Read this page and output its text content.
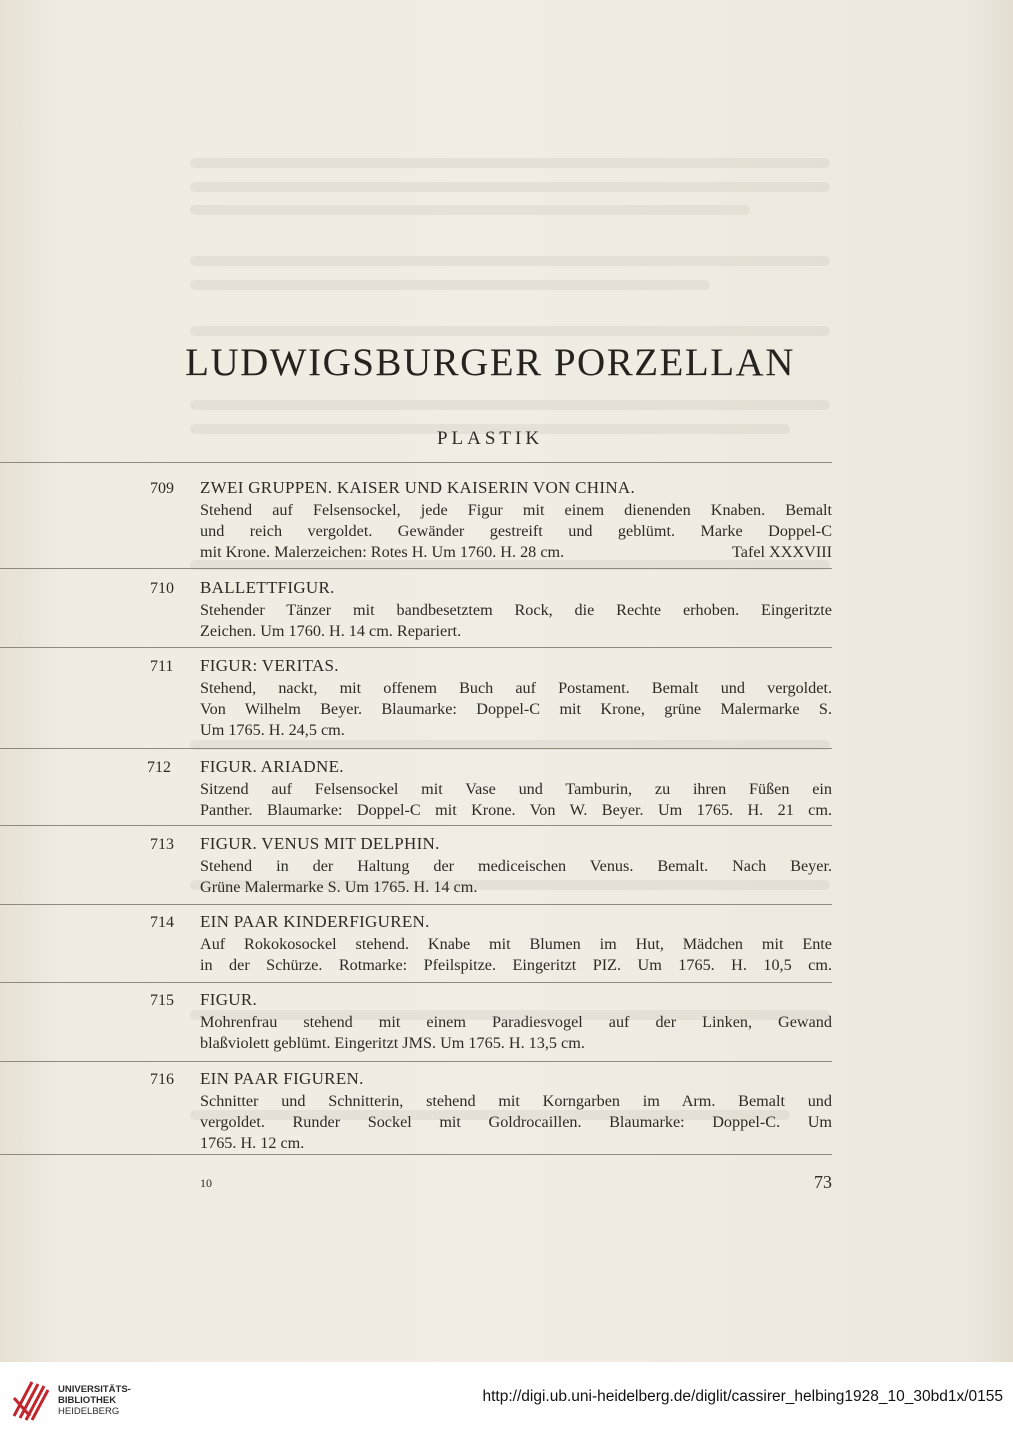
LUDWIGSBURGER PORZELLAN
PLASTIK
709	ZWEI GRUPPEN. KAISER UND KAISERIN VON CHINA.
Stehend auf Felsensockel, jede Figur mit einem dienenden Knaben. Bemalt
und reich vergoldet. Gewänder gestreift und geblümt. Marke Doppel-C
mit Krone. Malerzeichen: Rotes H. Um 1760. H. 28 cm.	Tafel XXXVIII
710	BALLETTFIGUR.
Stehender Tänzer mit bandbesetztem Rock, die Rechte erhoben. Eingeritzte
Zeichen. Um 1760. H. 14 cm. Repariert.
711	FIGUR: VERITAS.
Stehend, nackt, mit offenem Buch auf Postament. Bemalt und vergoldet.
Von Wilhelm Beyer. Blaumarke: Doppel-C mit Krone, grüne Malermarke S.
Um 1765. H. 24,5 cm.
712	FIGUR. ARIADNE.
Sitzend auf Felsensockel mit Vase und Tamburin, zu ihren Füßen ein
Panther. Blaumarke: Doppel-C mit Krone. Von W. Beyer. Um 1765. H. 21 cm.
713	FIGUR. VENUS MIT DELPHIN.
Stehend in der Haltung der mediceischen Venus. Bemalt. Nach Beyer.
Grüne Malermarke S. Um 1765. H. 14 cm.
714	EIN PAAR KINDERFIGUREN.
Auf Rokokosockel stehend. Knabe mit Blumen im Hut, Mädchen mit Ente
in der Schürze. Rotmarke: Pfeilspitze. Eingeritzt PIZ. Um 1765. H. 10,5 cm.
715	FIGUR.
Mohrenfrau stehend mit einem Paradiesvogel auf der Linken, Gewand
blaßviolett geblümt. Eingeritzt JMS. Um 1765. H. 13,5 cm.
716	EIN PAAR FIGUREN.
Schnitter und Schnitterin, stehend mit Korngarben im Arm. Bemalt und
vergoldet. Runder Sockel mit Goldrocaillen. Blaumarke: Doppel-C. Um
1765. H. 12 cm.
10	73
UNIVERSITÄTS-
BIBLIOTHEK
HEIDELBERG
http://digi.ub.uni-heidelberg.de/diglit/cassirer_helbing1928_10_30bd1x/0155
